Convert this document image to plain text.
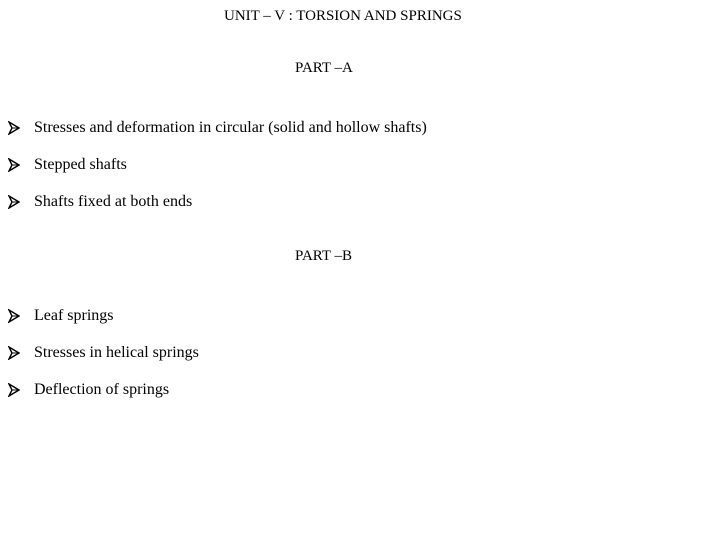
UNIT – V : TORSION AND SPRINGS
PART –A
Stresses and deformation in circular (solid and hollow shafts)
Stepped shafts
Shafts fixed at both ends
PART –B
Leaf springs
Stresses in helical springs
Deflection of springs
